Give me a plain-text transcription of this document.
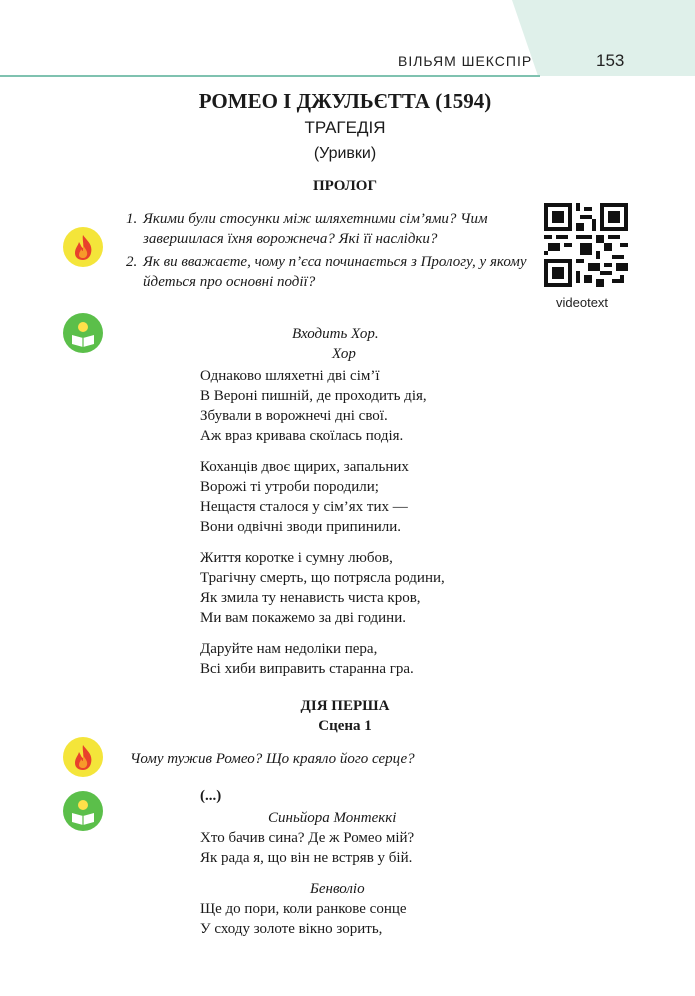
ВІЛЬЯМ ШЕКСПІР	153
РОМЕО І ДЖУЛЬЄТТА (1594)
ТРАГЕДІЯ
(Уривки)
ПРОЛОГ
1. Якими були стосунки між шляхетними сім’ями? Чим завершилася їхня ворожнеча? Які її наслідки?
2. Як ви вважаєте, чому п’єса починається з Прологу, у якому йдеться про основні події?
videotext

Входить Хор.

Хор

Однаково шляхетні дві сім’ї

В Вероні пишній, де проходить дія,

Збували в ворожнечі дні свої.

Аж враз кривава скоїлась подія.

Коханців двоє щирих, запальних

Ворожі ті утроби породили;

Нещастя сталося у сім’ях тих —

Вони одвічні зводи припинили.

Життя коротке і сумну любов,

Трагічну смерть, що потрясла родини,

Як змила ту ненависть чиста кров,

Ми вам покажемо за дві години.

Даруйте нам недоліки пера,

Всі хиби виправить старанна гра.

ДІЯ ПЕРША
Сцена 1
Чому тужив Ромео? Що краяло його серце?

(...)

Синьйора Монтеккі

Хто бачив сина? Де ж Ромео мій?

Як рада я, що він не встряв у бій.

Бенволіо

Ще до пори, коли ранкове сонце

У сходу золоте вікно зорить,
